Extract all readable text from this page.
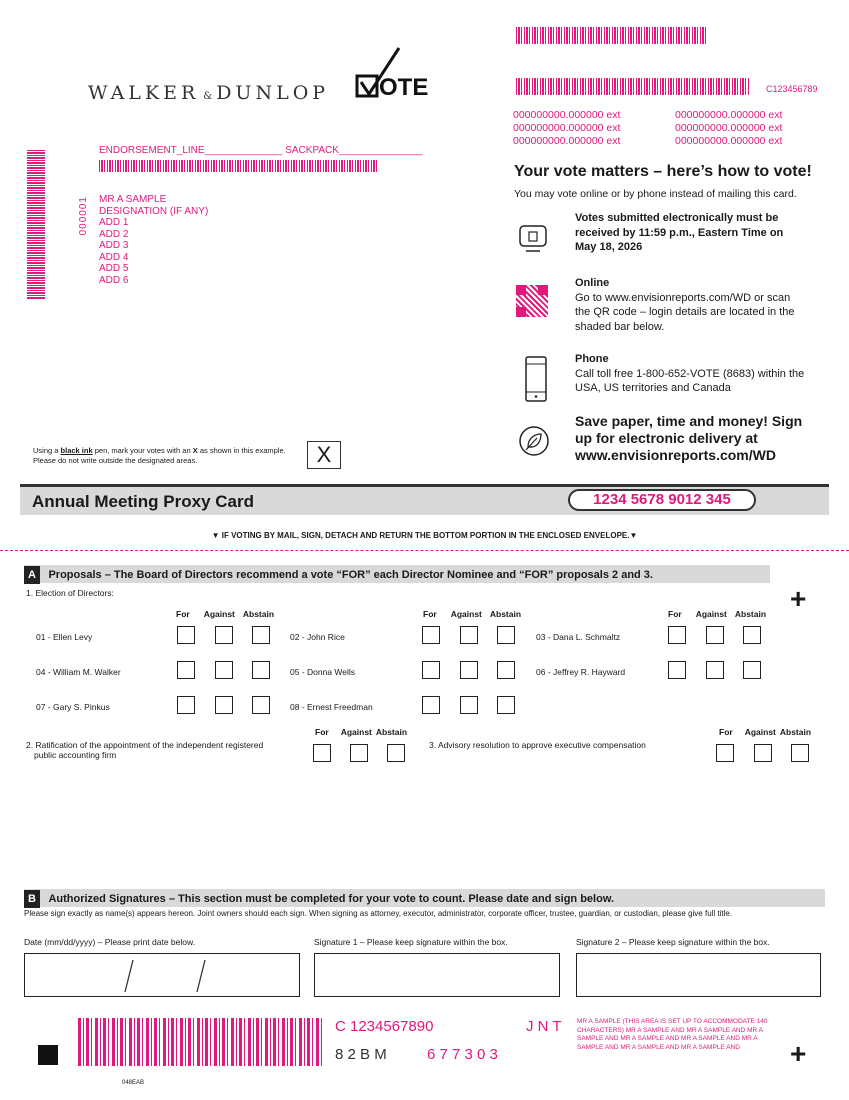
C123456789
000000000.000000 ext
000000000.000000 ext
000000000.000000 ext
000000000.000000 ext
000000000.000000 ext
000000000.000000 ext
WALKER & DUNLOP OTE
ENDORSEMENT_LINE______________ SACKPACK_______________
000001 MR A SAMPLE
DESIGNATION (IF ANY)
ADD 1
ADD 2
ADD 3
ADD 4
ADD 5
ADD 6
Using a black ink pen, mark your votes with an X as shown in this example.
Please do not write outside the designated areas.	X
Your vote matters – here’s how to vote!
You may vote online or by phone instead of mailing this card.
Votes submitted electronically must be received by 11:59 p.m., Eastern Time on May 18, 2026
Online
Go to www.envisionreports.com/WD or scan the QR code – login details are located in the shaded bar below.
Phone
Call toll free 1-800-652-VOTE (8683) within the USA, US territories and Canada
Save paper, time and money! Sign up for electronic delivery at www.envisionreports.com/WD
Annual Meeting Proxy Card	1234 5678 9012 345
▼ IF VOTING BY MAIL, SIGN, DETACH AND RETURN THE BOTTOM PORTION IN THE ENCLOSED ENVELOPE.▼
A Proposals – The Board of Directors recommend a vote “FOR” each Director Nominee and “FOR” proposals 2 and 3.
+
1. Election of Directors:
For Against Abstain	For Against Abstain	For Against Abstain
01 - Ellen Levy	02 - John Rice	03 - Dana L. Schmaltz
04 - William M. Walker	05 - Donna Wells	06 - Jeffrey R. Hayward
07 - Gary S. Pinkus	08 - Ernest Freedman
2. Ratification of the appointment of the independent registered
public accounting firm
For Against Abstain
3. Advisory resolution to approve executive compensation
For Against Abstain
B Authorized Signatures – This section must be completed for your vote to count. Please date and sign below.
Please sign exactly as name(s) appears hereon. Joint owners should each sign. When signing as attorney, executor, administrator, corporate officer, trustee, guardian, or custodian, please give full title.
Date (mm/dd/yyyy) – Please print date below.	Signature 1 – Please keep signature within the box.	Signature 2 – Please keep signature within the box.
048EAB
C 1234567890	J N T
8 2 B M	6 7 7 3 0 3
MR A SAMPLE (THIS AREA IS SET UP TO ACCOMMODATE 140 CHARACTERS) MR A SAMPLE AND MR A SAMPLE AND MR A SAMPLE AND MR A SAMPLE AND MR A SAMPLE AND MR A SAMPLE AND MR A SAMPLE AND MR A SAMPLE AND	+
